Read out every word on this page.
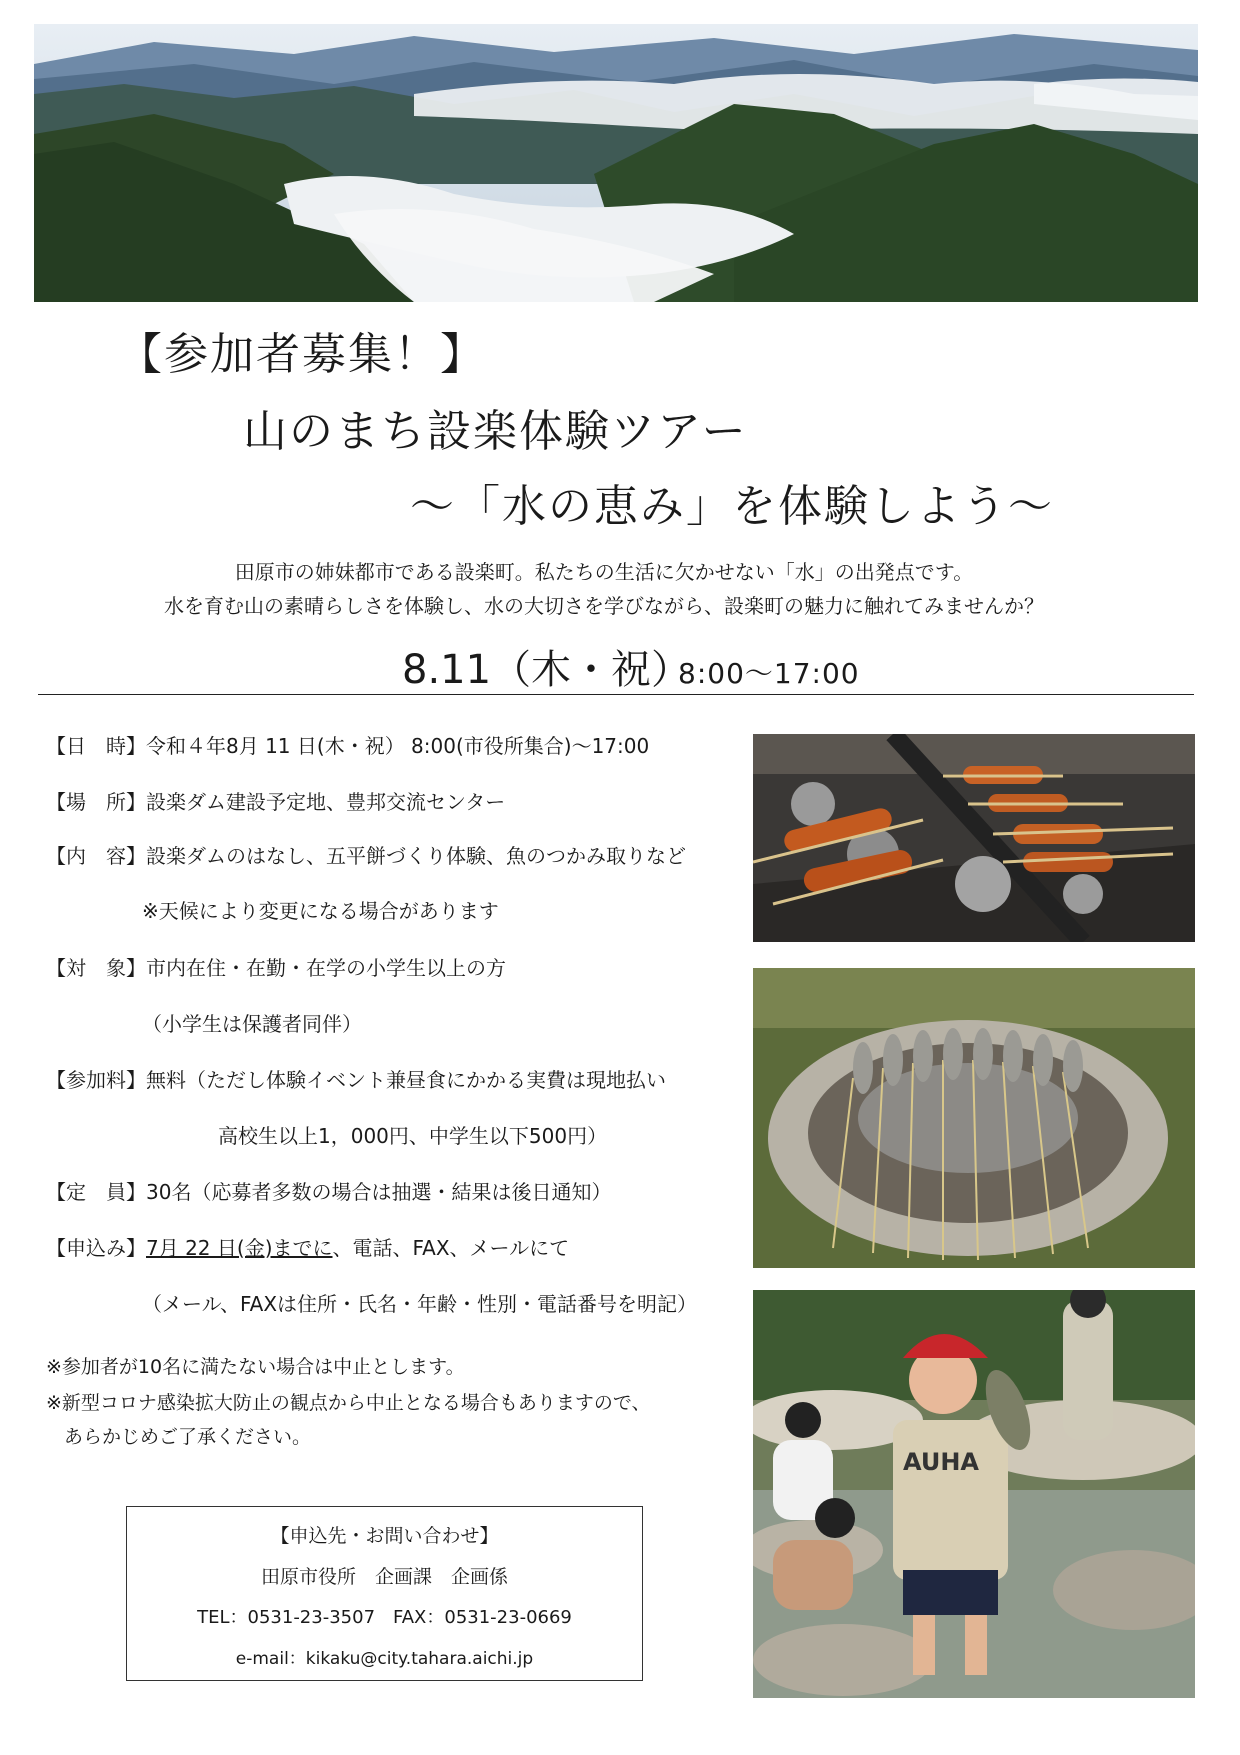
【参加者募集！】
山のまち設楽体験ツアー
～「水の恵み」を体験しよう～
田原市の姉妹都市である設楽町。私たちの生活に欠かせない「水」の出発点です。
水を育む山の素晴らしさを体験し、水の大切さを学びながら、設楽町の魅力に触れてみませんか？
8.11（木・祝）
8:00～17:00
【日　時】令和４年8月 11 日(木・祝） 8:00(市役所集合)～17:00
【場　所】設楽ダム建設予定地、豊邦交流センター
【内　容】設楽ダムのはなし、五平餅づくり体験、魚のつかみ取りなど
※天候により変更になる場合があります
【対　象】市内在住・在勤・在学の小学生以上の方
（小学生は保護者同伴）
【参加料】無料（ただし体験イベント兼昼食にかかる実費は現地払い
高校生以上1，000円、中学生以下500円）
【定　員】30名（応募者多数の場合は抽選・結果は後日通知）
【申込み】7月 22 日(金)までに、電話、FAX、メールにて
（メール、FAXは住所・氏名・年齢・性別・電話番号を明記）
※参加者が10名に満たない場合は中止とします。
※新型コロナ感染拡大防止の観点から中止となる場合もありますので、
あらかじめご了承ください。
【申込先・お問い合わせ】
田原市役所　企画課　企画係
TEL：0531-23-3507　FAX：0531-23-0669
e-mail：kikaku@city.tahara.aichi.jp
AUHA
